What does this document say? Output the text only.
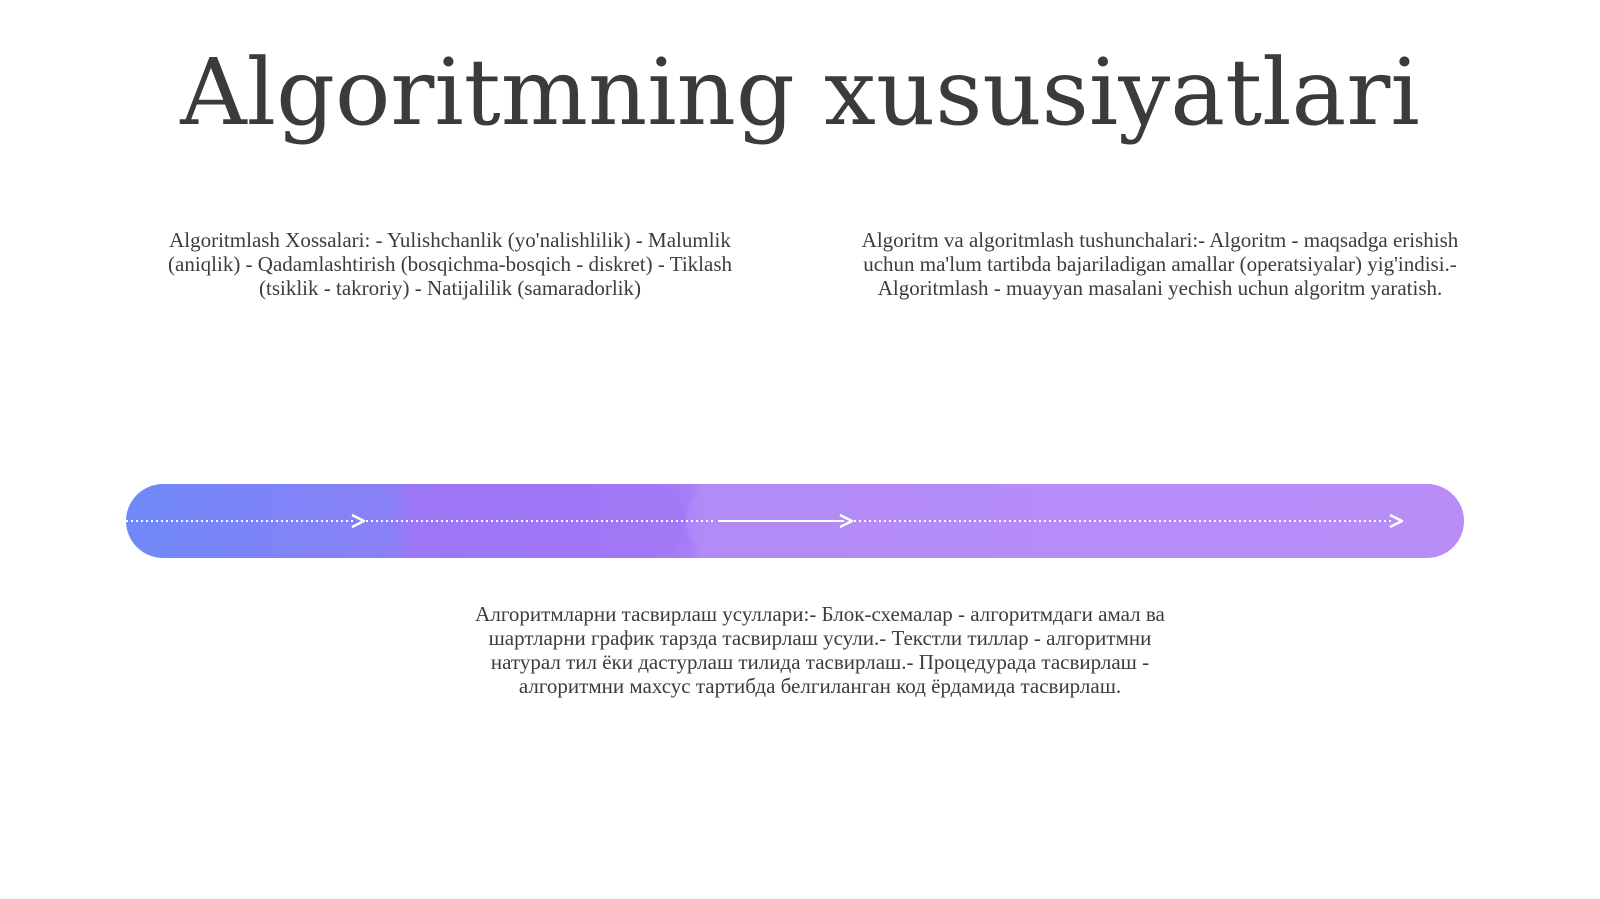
Algoritmning xususiyatlari

Algoritmlash Xossalari: - Yulishchanlik (yo'nalishlilik) - Malumlik (aniqlik) - Qadamlashtirish (bosqichma-bosqich - diskret) - Tiklash (tsiklik - takroriy) - Natijalilik (samaradorlik)

Algoritm va algoritmlash tushunchalari:- Algoritm - maqsadga erishish uchun ma'lum tartibda bajariladigan amallar (operatsiyalar) yig'indisi.- Algoritmlash - muayyan masalani yechish uchun algoritm yaratish.

Алгоритмларни тасвирлаш усуллари:- Блок-схемалар - алгоритмдаги амал ва шартларни график тарзда тасвирлаш усули.- Текстли тиллар - алгоритмни натурал тил ёки дастурлаш тилида тасвирлаш.- Процедурада тасвирлаш - алгоритмни махсус тартибда белгиланган код ёрдамида тасвирлаш.
